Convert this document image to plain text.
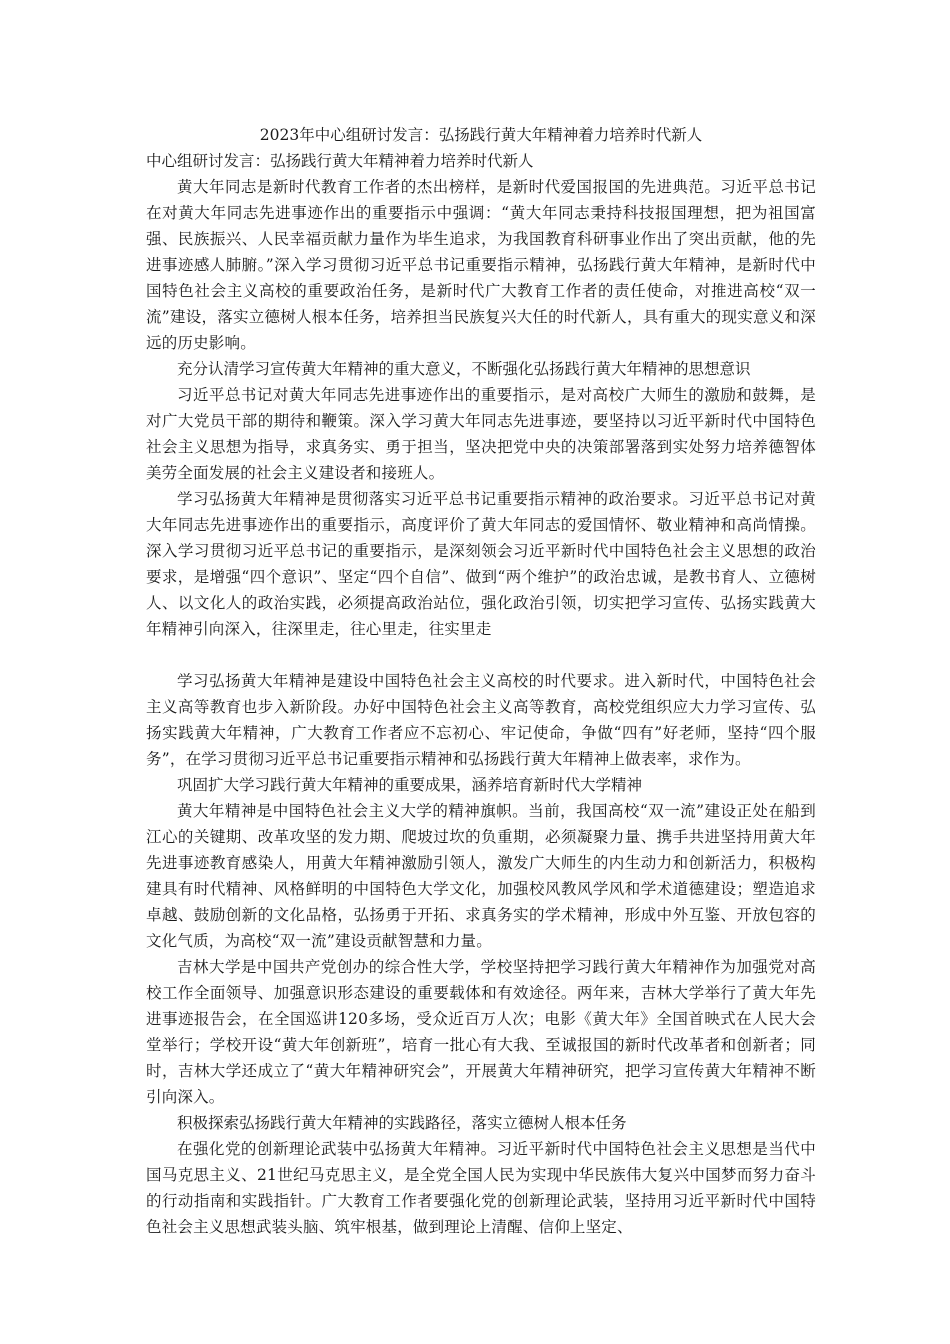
2023年中心组研讨发言：弘扬践行黄大年精神着力培养时代新人

中心组研讨发言：弘扬践行黄大年精神着力培养时代新人

黄大年同志是新时代教育工作者的杰出榜样，是新时代爱国报国的先进典范。习近平总书记在对黄大年同志先进事迹作出的重要指示中强调：“黄大年同志秉持科技报国理想，把为祖国富强、民族振兴、人民幸福贡献力量作为毕生追求，为我国教育科研事业作出了突出贡献，他的先进事迹感人肺腑。”深入学习贯彻习近平总书记重要指示精神，弘扬践行黄大年精神，是新时代中国特色社会主义高校的重要政治任务，是新时代广大教育工作者的责任使命，对推进高校“双一流”建设，落实立德树人根本任务，培养担当民族复兴大任的时代新人，具有重大的现实意义和深远的历史影响。

充分认清学习宣传黄大年精神的重大意义，不断强化弘扬践行黄大年精神的思想意识

习近平总书记对黄大年同志先进事迹作出的重要指示，是对高校广大师生的激励和鼓舞，是对广大党员干部的期待和鞭策。深入学习黄大年同志先进事迹，要坚持以习近平新时代中国特色社会主义思想为指导，求真务实、勇于担当，坚决把党中央的决策部署落到实处努力培养德智体美劳全面发展的社会主义建设者和接班人。

学习弘扬黄大年精神是贯彻落实习近平总书记重要指示精神的政治要求。习近平总书记对黄大年同志先进事迹作出的重要指示，高度评价了黄大年同志的爱国情怀、敬业精神和高尚情操。深入学习贯彻习近平总书记的重要指示，是深刻领会习近平新时代中国特色社会主义思想的政治要求，是增强“四个意识”、坚定“四个自信”、做到“两个维护”的政治忠诚，是教书育人、立德树人、以文化人的政治实践，必须提高政治站位，强化政治引领，切实把学习宣传、弘扬实践黄大年精神引向深入，往深里走，往心里走，往实里走

学习弘扬黄大年精神是建设中国特色社会主义高校的时代要求。进入新时代，中国特色社会主义高等教育也步入新阶段。办好中国特色社会主义高等教育，高校党组织应大力学习宣传、弘扬实践黄大年精神，广大教育工作者应不忘初心、牢记使命，争做“四有”好老师，坚持“四个服务”，在学习贯彻习近平总书记重要指示精神和弘扬践行黄大年精神上做表率，求作为。

巩固扩大学习践行黄大年精神的重要成果，涵养培育新时代大学精神

黄大年精神是中国特色社会主义大学的精神旗帜。当前，我国高校“双一流”建设正处在船到江心的关键期、改革攻坚的发力期、爬坡过坎的负重期，必须凝聚力量、携手共进坚持用黄大年先进事迹教育感染人，用黄大年精神激励引领人，激发广大师生的内生动力和创新活力，积极构建具有时代精神、风格鲜明的中国特色大学文化，加强校风教风学风和学术道德建设；塑造追求卓越、鼓励创新的文化品格，弘扬勇于开拓、求真务实的学术精神，形成中外互鉴、开放包容的文化气质，为高校“双一流”建设贡献智慧和力量。

吉林大学是中国共产党创办的综合性大学，学校坚持把学习践行黄大年精神作为加强党对高校工作全面领导、加强意识形态建设的重要载体和有效途径。两年来，吉林大学举行了黄大年先进事迹报告会，在全国巡讲120多场，受众近百万人次；电影《黄大年》全国首映式在人民大会堂举行；学校开设“黄大年创新班”，培育一批心有大我、至诚报国的新时代改革者和创新者；同时，吉林大学还成立了“黄大年精神研究会”，开展黄大年精神研究，把学习宣传黄大年精神不断引向深入。

积极探索弘扬践行黄大年精神的实践路径，落实立德树人根本任务

在强化党的创新理论武装中弘扬黄大年精神。习近平新时代中国特色社会主义思想是当代中国马克思主义、21世纪马克思主义，是全党全国人民为实现中华民族伟大复兴中国梦而努力奋斗的行动指南和实践指针。广大教育工作者要强化党的创新理论武装，坚持用习近平新时代中国特色社会主义思想武装头脑、筑牢根基，做到理论上清醒、信仰上坚定、
